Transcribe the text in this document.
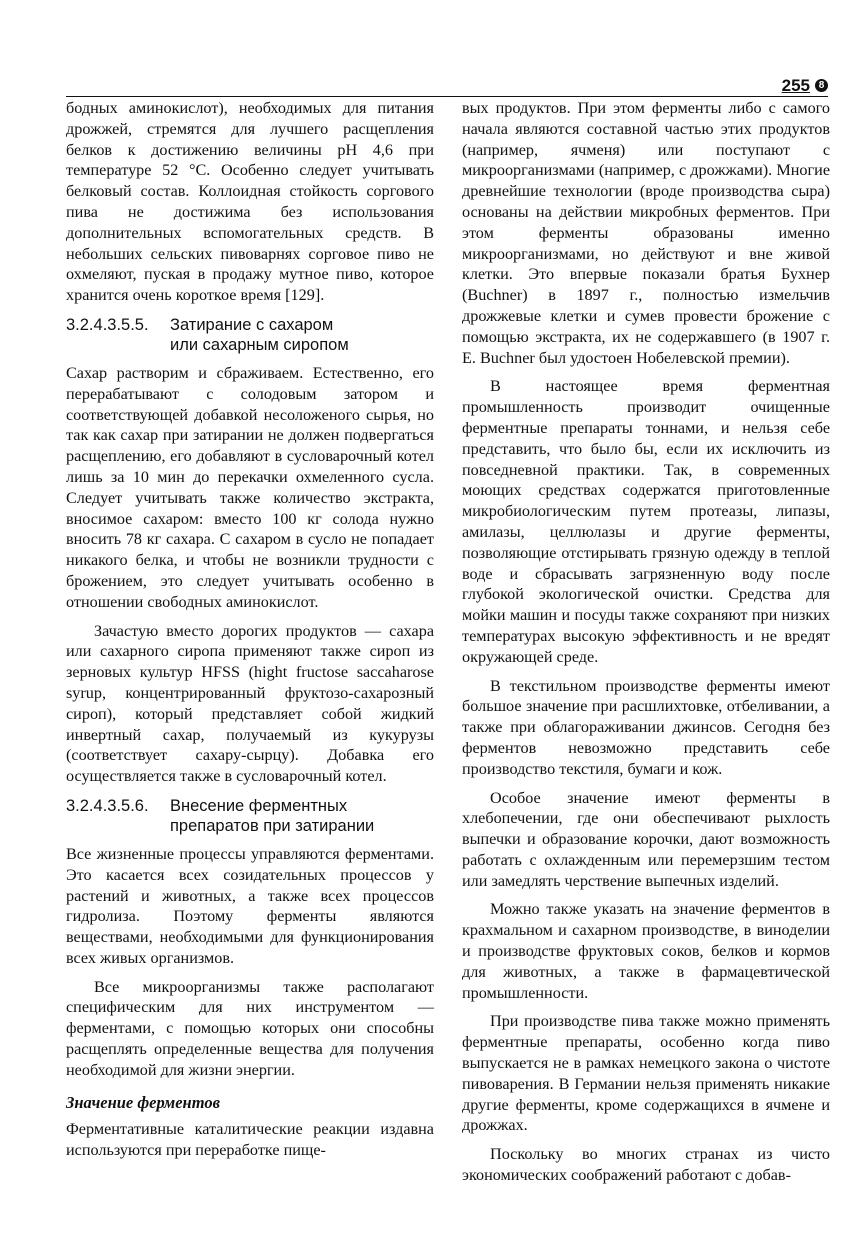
255 8

бодных аминокислот), необходимых для питания дрожжей, стремятся для лучшего расщепления белков к достижению величины pH 4,6 при температуре 52 °C. Особенно следует учитывать белковый состав. Коллоидная стойкость соргового пива не достижима без использования дополнительных вспомогательных средств. В небольших сельских пивоварнях сорговое пиво не охмеляют, пуская в продажу мутное пиво, которое хранится очень короткое время [129].

3.2.4.3.5.5.	Затирание с сахаром
или сахарным сиропом

Сахар растворим и сбраживаем. Естественно, его перерабатывают с солодовым затором и соответствующей добавкой несоложеного сырья, но так как сахар при затирании не должен подвергаться расщеплению, его добавляют в сусловарочный котел лишь за 10 мин до перекачки охмеленного сусла. Следует учитывать также количество экстракта, вносимое сахаром: вместо 100 кг солода нужно вносить 78 кг сахара. С сахаром в сусло не попадает никакого белка, и чтобы не возникли трудности с брожением, это следует учитывать особенно в отношении свободных аминокислот.

Зачастую вместо дорогих продуктов — сахара или сахарного сиропа применяют также сироп из зерновых культур HFSS (hight fructose saccaharose syrup, концентрированный фруктозо-сахарозный сироп), который представляет собой жидкий инвертный сахар, получаемый из кукурузы (соответствует сахару-сырцу). Добавка его осуществляется также в сусловарочный котел.

3.2.4.3.5.6.	Внесение ферментных
препаратов при затирании

Все жизненные процессы управляются ферментами. Это касается всех созидательных процессов у растений и животных, а также всех процессов гидролиза. Поэтому ферменты являются веществами, необходимыми для функционирования всех живых организмов.

Все микроорганизмы также располагают специфическим для них инструментом — ферментами, с помощью которых они способны расщеплять определенные вещества для получения необходимой для жизни энергии.

Значение ферментов

Ферментативные каталитические реакции издавна используются при переработке пище-

вых продуктов. При этом ферменты либо с самого начала являются составной частью этих продуктов (например, ячменя) или поступают с микроорганизмами (например, с дрожжами). Многие древнейшие технологии (вроде производства сыра) основаны на действии микробных ферментов. При этом ферменты образованы именно микроорганизмами, но действуют и вне живой клетки. Это впервые показали братья Бухнер (Buchner) в 1897 г., полностью измельчив дрожжевые клетки и сумев провести брожение с помощью экстракта, их не содержавшего (в 1907 г. E. Buchner был удостоен Нобелевской премии).

В настоящее время ферментная промышленность производит очищенные ферментные препараты тоннами, и нельзя себе представить, что было бы, если их исключить из повседневной практики. Так, в современных моющих средствах содержатся приготовленные микробиологическим путем протеазы, липазы, амилазы, целлюлазы и другие ферменты, позволяющие отстирывать грязную одежду в теплой воде и сбрасывать загрязненную воду после глубокой экологической очистки. Средства для мойки машин и посуды также сохраняют при низких температурах высокую эффективность и не вредят окружающей среде.

В текстильном производстве ферменты имеют большое значение при расшлихтовке, отбеливании, а также при облагораживании джинсов. Сегодня без ферментов невозможно представить себе производство текстиля, бумаги и кож.

Особое значение имеют ферменты в хлебопечении, где они обеспечивают рыхлость выпечки и образование корочки, дают возможность работать с охлажденным или перемерзшим тестом или замедлять черствение выпечных изделий.

Можно также указать на значение ферментов в крахмальном и сахарном производстве, в виноделии и производстве фруктовых соков, белков и кормов для животных, а также в фармацевтической промышленности.

При производстве пива также можно применять ферментные препараты, особенно когда пиво выпускается не в рамках немецкого закона о чистоте пивоварения. В Германии нельзя применять никакие другие ферменты, кроме содержащихся в ячмене и дрожжах.

Поскольку во многих странах из чисто экономических соображений работают с добав-
